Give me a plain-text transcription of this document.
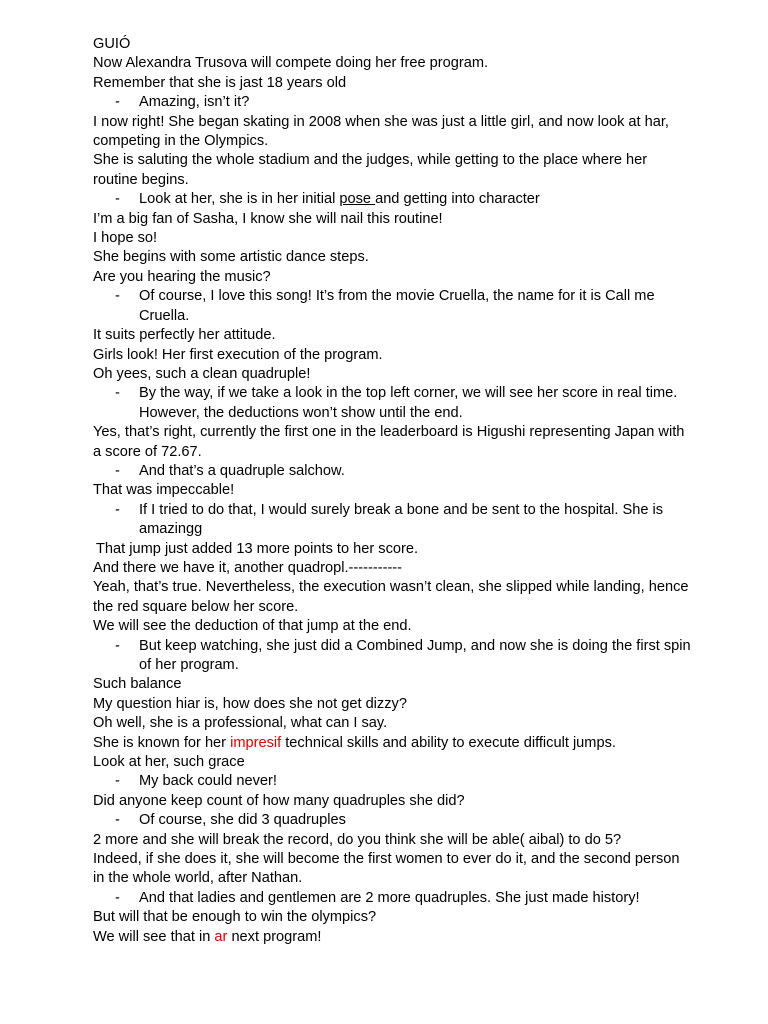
GUIÓ

Now Alexandra Trusova will compete doing her free program.

Remember that she is jast 18 years old

- Amazing, isn’t it?

I now right! She began skating in 2008 when she was just a little girl, and now look at har, competing in the Olympics.

She is saluting the whole stadium and the judges, while getting to the place where her routine begins.

- Look at her, she is in her initial pose and getting into character

I’m a big fan of Sasha, I know she will nail this routine!

I hope so!

She begins with some artistic dance steps.

Are you hearing the music?

- Of course, I love this song! It’s from the movie Cruella, the name for it is Call me Cruella.

It suits perfectly her attitude.

Girls look! Her first execution of the program.

Oh yees, such a clean quadruple!

- By the way, if we take a look in the top left corner, we will see her score in real time. However, the deductions won’t show until the end.

Yes, that’s right, currently the first one in the leaderboard is Higushi representing Japan with a score of 72.67.

- And that’s a quadruple salchow.

That was impeccable!

- If I tried to do that, I would surely break a bone and be sent to the hospital. She is amazingg

That jump just added 13 more points to her score.

And there we have it, another quadropl.-----------

Yeah, that’s true. Nevertheless, the execution wasn’t clean, she slipped while landing, hence the red square below her score.

We will see the deduction of that jump at the end.

- But keep watching, she just did a Combined Jump, and now she is doing the first spin of her program.

Such balance

My question hiar is, how does she not get dizzy?

Oh well, she is a professional, what can I say.

She is known for her impresif technical skills and ability to execute difficult jumps.

Look at her, such grace

- My back could never!

Did anyone keep count of how many quadruples she did?

- Of course, she did 3 quadruples

2 more and she will break the record, do you think she will be able( aibal) to do 5?

Indeed, if she does it, she will become the first women to ever do it, and the second person in the whole world, after Nathan.

- And that ladies and gentlemen are 2 more quadruples. She just made history!

But will that be enough to win the olympics?

We will see that in ar next program!
